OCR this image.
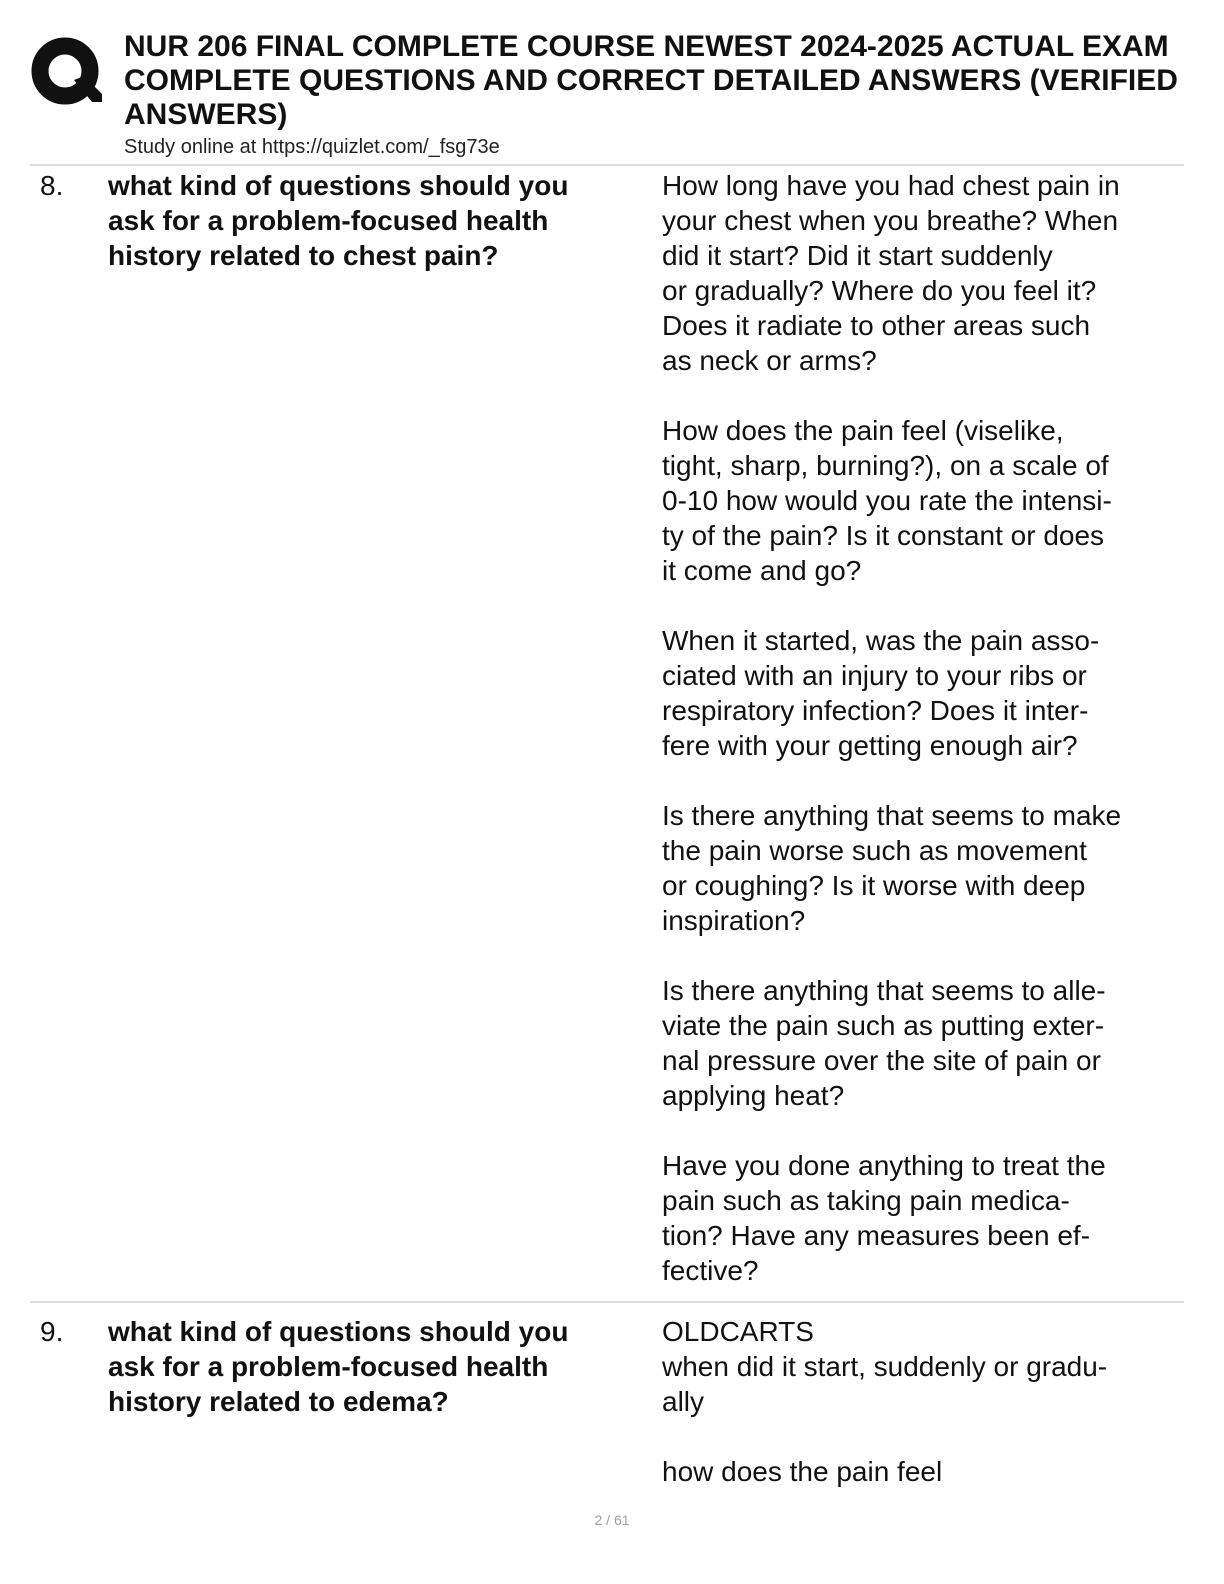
NUR 206 FINAL COMPLETE COURSE NEWEST 2024-2025 ACTUAL EXAM
COMPLETE QUESTIONS AND CORRECT DETAILED ANSWERS (VERIFIED
ANSWERS)
Study online at https://quizlet.com/_fsg73e
8. what kind of questions should you
ask for a problem-focused health
history related to chest pain?
How long have you had chest pain in
your chest when you breathe? When
did it start? Did it start suddenly
or gradually? Where do you feel it?
Does it radiate to other areas such
as neck or arms?
How does the pain feel (viselike,
tight, sharp, burning?), on a scale of
0-10 how would you rate the intensi-
ty of the pain? Is it constant or does
it come and go?
When it started, was the pain asso-
ciated with an injury to your ribs or
respiratory infection? Does it inter-
fere with your getting enough air?
Is there anything that seems to make
the pain worse such as movement
or coughing? Is it worse with deep
inspiration?
Is there anything that seems to alle-
viate the pain such as putting exter-
nal pressure over the site of pain or
applying heat?
Have you done anything to treat the
pain such as taking pain medica-
tion? Have any measures been ef-
fective?
9. what kind of questions should you
ask for a problem-focused health
history related to edema?
OLDCARTS
when did it start, suddenly or gradu-
ally
how does the pain feel
2 / 61
